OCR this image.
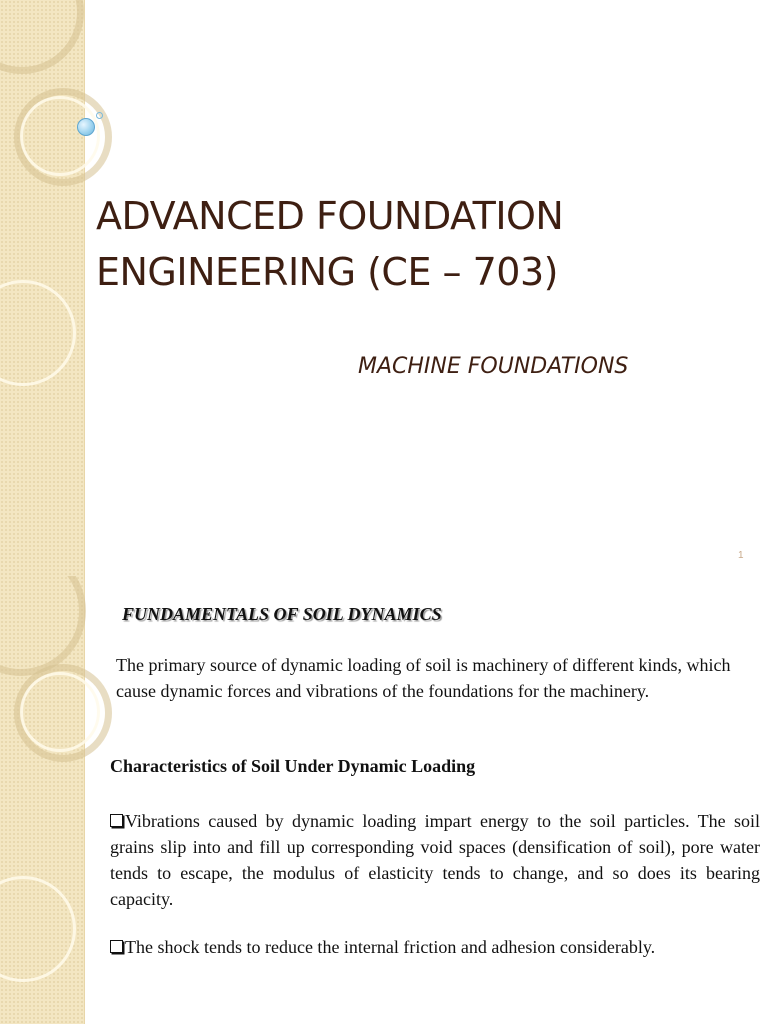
ADVANCED FOUNDATION
ENGINEERING (CE – 703)
MACHINE FOUNDATIONS
1
FUNDAMENTALS OF SOIL DYNAMICS
The primary source of dynamic loading of soil is machinery of different kinds, which cause dynamic forces and vibrations of the foundations for the machinery.
Characteristics of Soil Under Dynamic Loading
Vibrations caused by dynamic loading impart energy to the soil particles. The soil grains slip into and fill up corresponding void spaces (densification of soil), pore water tends to escape, the modulus of elasticity tends to change, and so does its bearing capacity.
The shock tends to reduce the internal friction and adhesion considerably.
